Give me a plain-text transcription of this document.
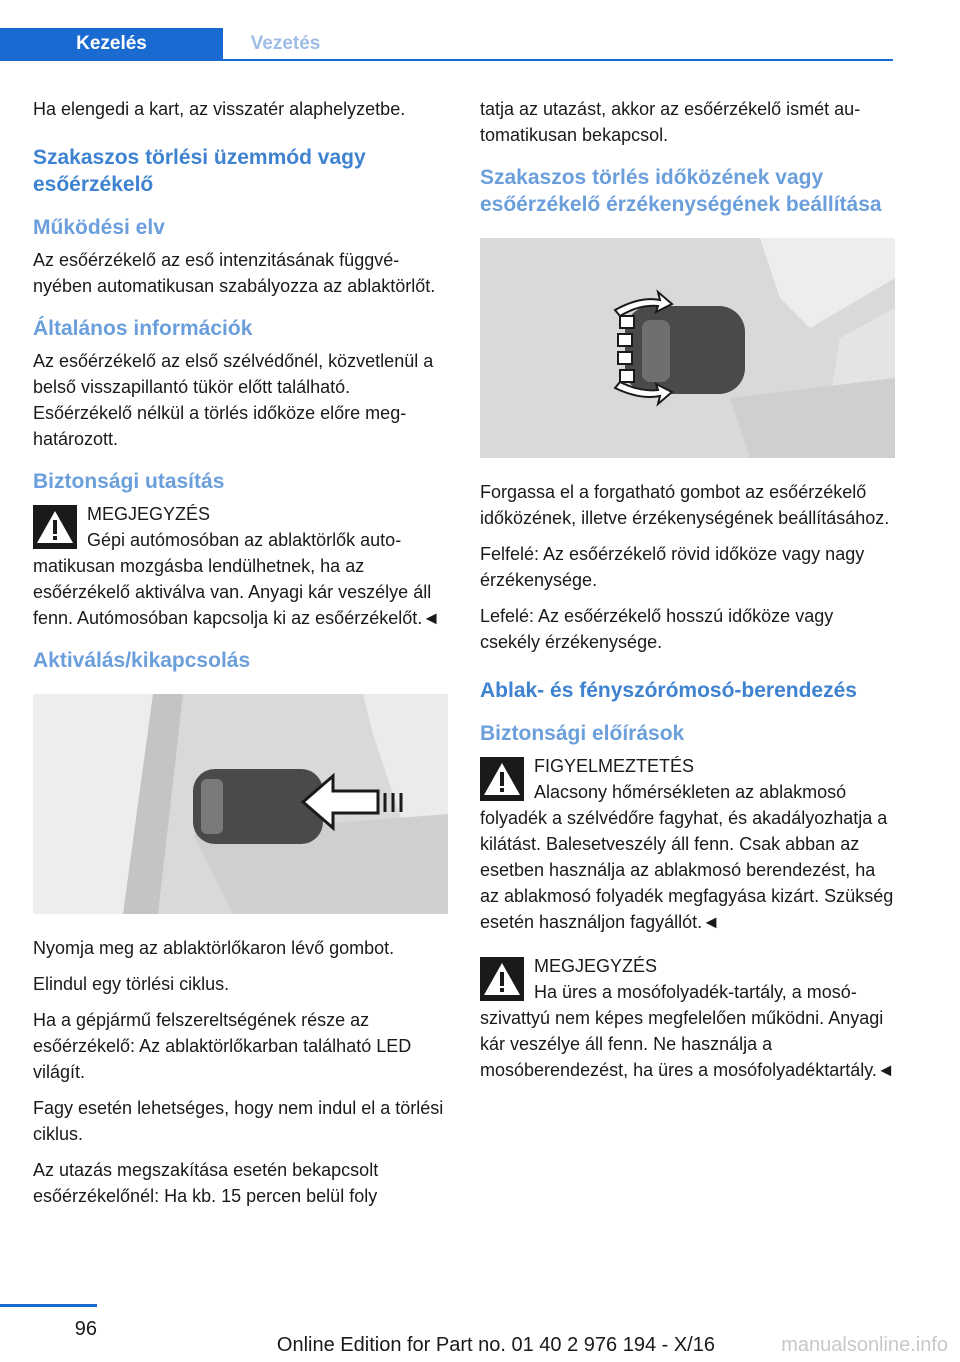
Kezelés	Vezetés

Ha elengedi a kart, az visszatér alaphelyzetbe.

Szakaszos törlési üzemmód vagy esőérzékelő
Működési elv

Az esőérzékelő az eső intenzitásának függvényében automatikusan szabályozza az ablaktörlőt.

Általános információk

Az esőérzékelő az első szélvédőnél, közvetlenül a belső visszapillantó tükör előtt található. Esőérzékelő nélkül a törlés időköze előre meghatározott.

Biztonsági utasítás
MEGJEGYZÉS
Gépi autómosóban az ablaktörlők automatikusan mozgásba lendülhetnek, ha az esőérzékelő aktiválva van. Anyagi kár veszélye áll fenn. Autómosóban kapcsolja ki az esőérzékelőt.◄
Aktiválás/kikapcsolás

Nyomja meg az ablaktörlőkaron lévő gombot.

Elindul egy törlési ciklus.

Ha a gépjármű felszereltségének része az esőérzékelő: Az ablaktörlőkarban található LED világít.

Fagy esetén lehetséges, hogy nem indul el a törlési ciklus.

Az utazás megszakítása esetén bekapcsolt esőérzékelőnél: Ha kb. 15 percen belül foly

tatja az utazást, akkor az esőérzékelő ismét automatikusan bekapcsol.

Szakaszos törlés időközének vagy esőérzékelő érzékenységének beállítása

Forgassa el a forgatható gombot az esőérzékelő időközének, illetve érzékenységének beállításához.

Felfelé: Az esőérzékelő rövid időköze vagy nagy érzékenysége.

Lefelé: Az esőérzékelő hosszú időköze vagy csekély érzékenysége.

Ablak- és fényszórómosó-berendezés
Biztonsági előírások
FIGYELMEZTETÉS
Alacsony hőmérsékleten az ablakmosó folyadék a szélvédőre fagyhat, és akadályozhatja a kilátást. Balesetveszély áll fenn. Csak abban az esetben használja az ablakmosó berendezést, ha az ablakmosó folyadék megfagyása kizárt. Szükség esetén használjon fagyállót.◄
MEGJEGYZÉS
Ha üres a mosófolyadék-tartály, a mosószivattyú nem képes megfelelően működni. Anyagi kár veszélye áll fenn. Ne használja a mosóberendezést, ha üres a mosófolyadéktartály.◄
96
Online Edition for Part no. 01 40 2 976 194 - X/16	manualsonline.info
